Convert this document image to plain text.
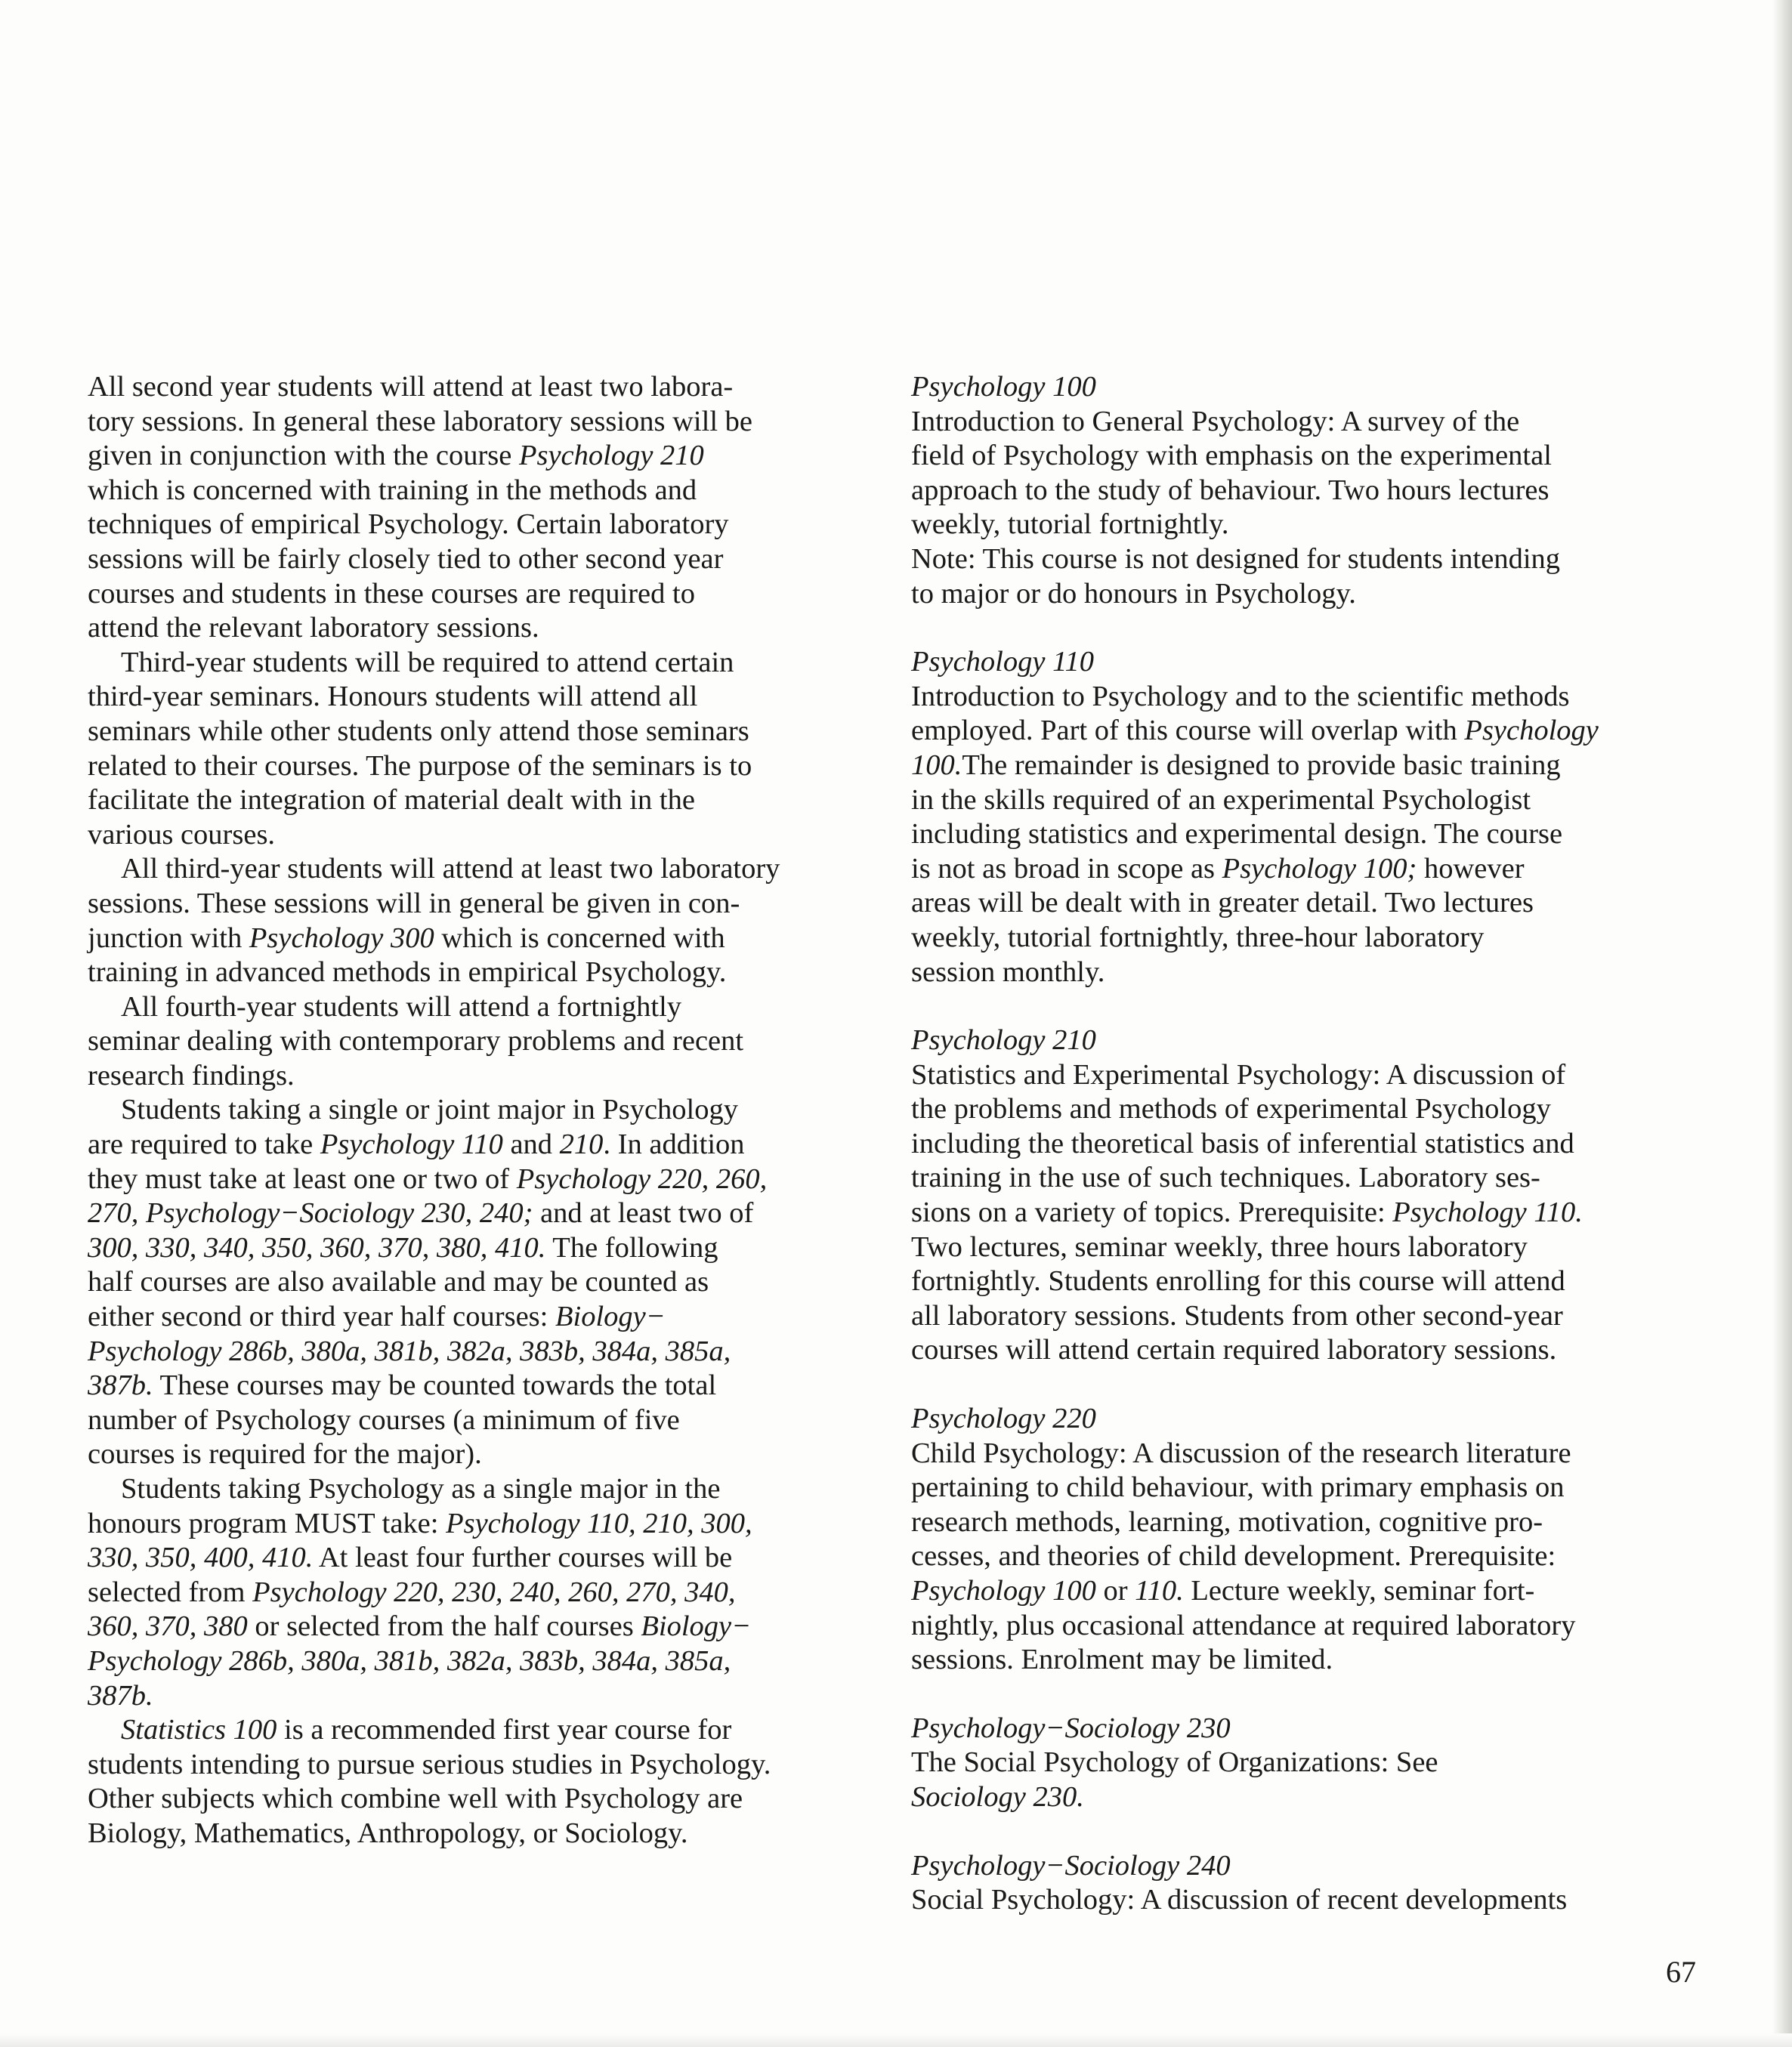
All second year students will attend at least two labora-
tory sessions. In general these laboratory sessions will be
given in conjunction with the course Psychology 210
which is concerned with training in the methods and
techniques of empirical Psychology. Certain laboratory
sessions will be fairly closely tied to other second year
courses and students in these courses are required to
attend the relevant laboratory sessions.

Third-year students will be required to attend certain
third-year seminars. Honours students will attend all
seminars while other students only attend those seminars
related to their courses. The purpose of the seminars is to
facilitate the integration of material dealt with in the
various courses.

All third-year students will attend at least two laboratory
sessions. These sessions will in general be given in con-
junction with Psychology 300 which is concerned with
training in advanced methods in empirical Psychology.

All fourth-year students will attend a fortnightly
seminar dealing with contemporary problems and recent
research findings.

Students taking a single or joint major in Psychology
are required to take Psychology 110 and 210. In addition
they must take at least one or two of Psychology 220, 260,
270, Psychology−Sociology 230, 240; and at least two of
300, 330, 340, 350, 360, 370, 380, 410. The following
half courses are also available and may be counted as
either second or third year half courses: Biology−
Psychology 286b, 380a, 381b, 382a, 383b, 384a, 385a,
387b. These courses may be counted towards the total
number of Psychology courses (a minimum of five
courses is required for the major).

Students taking Psychology as a single major in the
honours program MUST take: Psychology 110, 210, 300,
330, 350, 400, 410. At least four further courses will be
selected from Psychology 220, 230, 240, 260, 270, 340,
360, 370, 380 or selected from the half courses Biology−
Psychology 286b, 380a, 381b, 382a, 383b, 384a, 385a,
387b.

Statistics 100 is a recommended first year course for
students intending to pursue serious studies in Psychology.
Other subjects which combine well with Psychology are
Biology, Mathematics, Anthropology, or Sociology.

Psychology 100
Introduction to General Psychology: A survey of the
field of Psychology with emphasis on the experimental
approach to the study of behaviour. Two hours lectures
weekly, tutorial fortnightly.
Note: This course is not designed for students intending
to major or do honours in Psychology.
Psychology 110
Introduction to Psychology and to the scientific methods
employed. Part of this course will overlap with Psychology
100.The remainder is designed to provide basic training
in the skills required of an experimental Psychologist
including statistics and experimental design. The course
is not as broad in scope as Psychology 100; however
areas will be dealt with in greater detail. Two lectures
weekly, tutorial fortnightly, three-hour laboratory
session monthly.
Psychology 210
Statistics and Experimental Psychology: A discussion of
the problems and methods of experimental Psychology
including the theoretical basis of inferential statistics and
training in the use of such techniques. Laboratory ses-
sions on a variety of topics. Prerequisite: Psychology 110.
Two lectures, seminar weekly, three hours laboratory
fortnightly. Students enrolling for this course will attend
all laboratory sessions. Students from other second-year
courses will attend certain required laboratory sessions.
Psychology 220
Child Psychology: A discussion of the research literature
pertaining to child behaviour, with primary emphasis on
research methods, learning, motivation, cognitive pro-
cesses, and theories of child development. Prerequisite:
Psychology 100 or 110. Lecture weekly, seminar fort-
nightly, plus occasional attendance at required laboratory
sessions. Enrolment may be limited.
Psychology−Sociology 230
The Social Psychology of Organizations: See
Sociology 230.
Psychology−Sociology 240
Social Psychology: A discussion of recent developments
67
